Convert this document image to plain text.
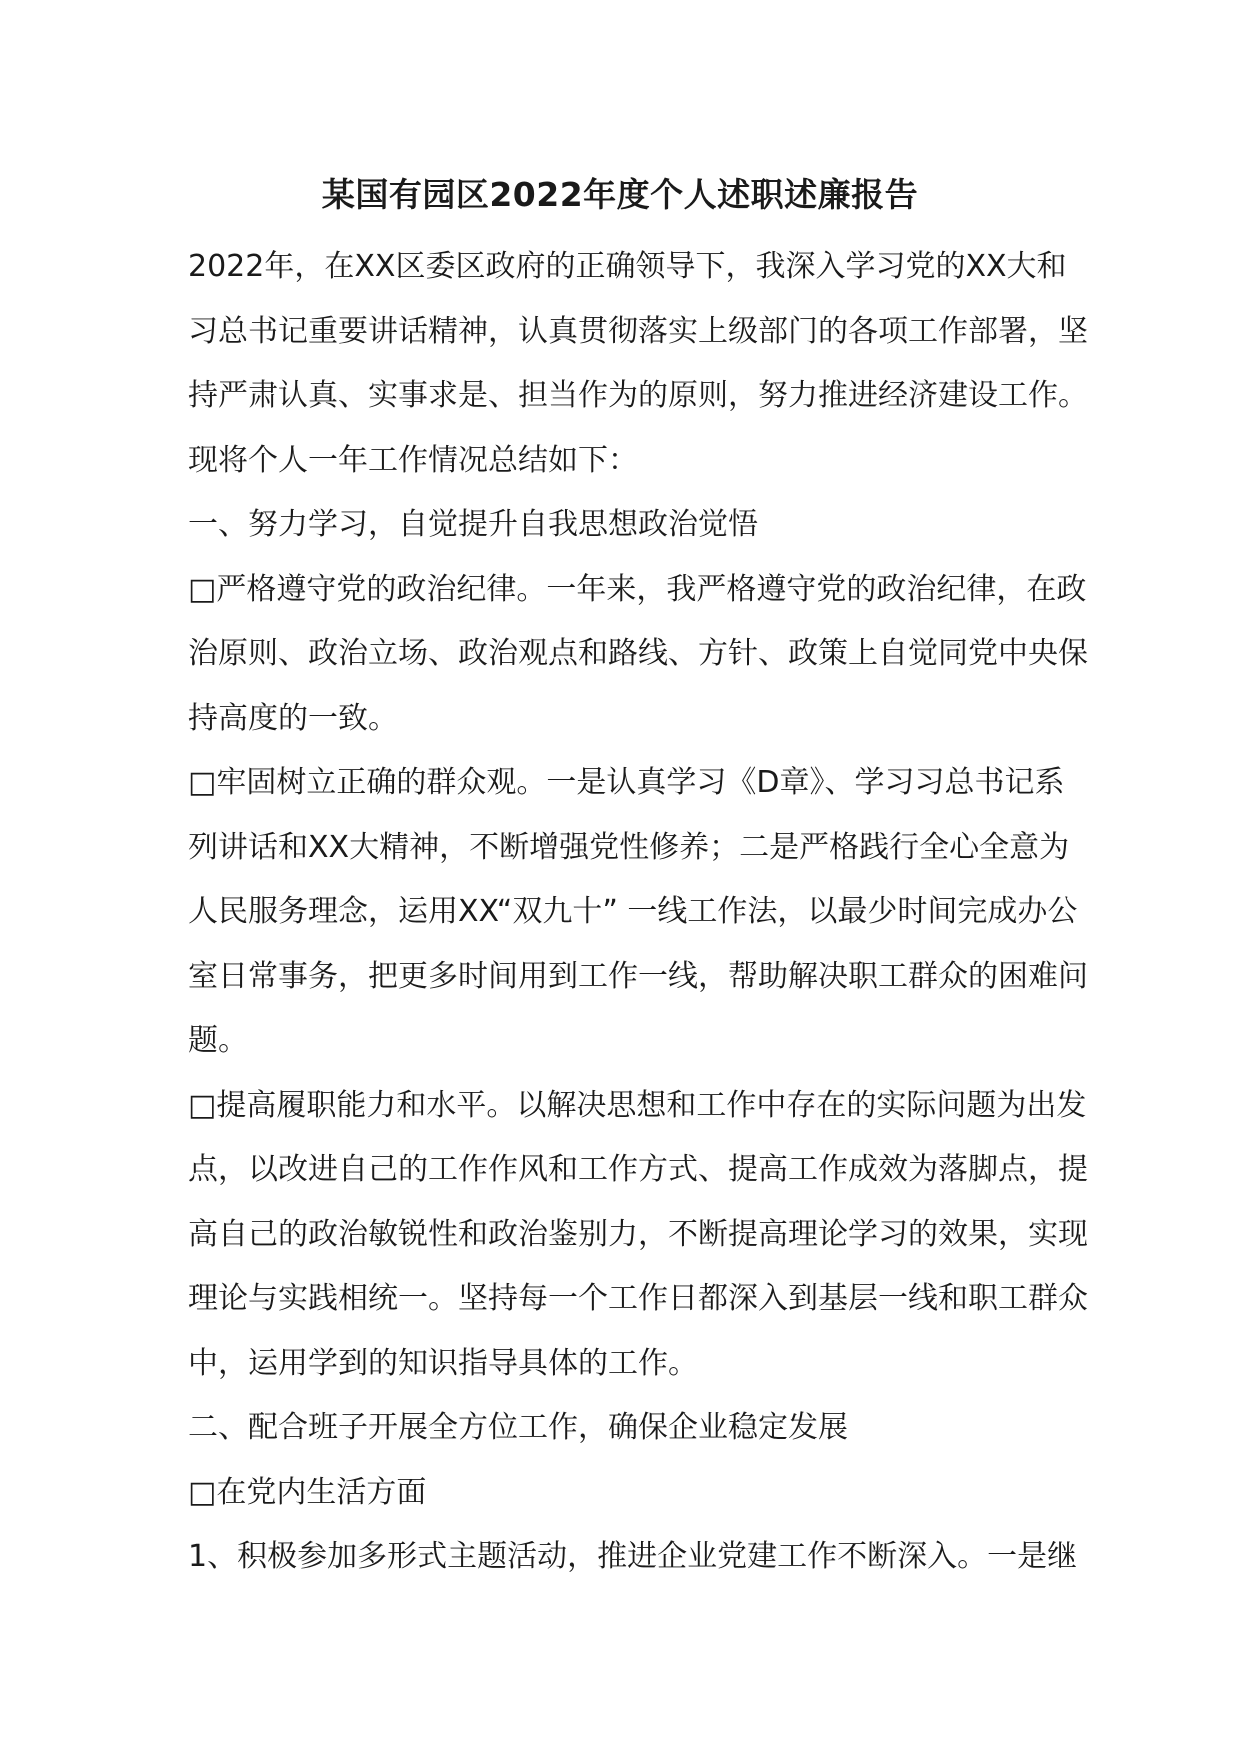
某国有园区2022年度个人述职述廉报告

2022年，在XX区委区政府的正确领导下，我深入学习党的XX大和习总书记重要讲话精神，认真贯彻落实上级部门的各项工作部署，坚持严肃认真、实事求是、担当作为的原则，努力推进经济建设工作。现将个人一年工作情况总结如下：

一、努力学习，自觉提升自我思想政治觉悟

□严格遵守党的政治纪律。一年来，我严格遵守党的政治纪律，在政治原则、政治立场、政治观点和路线、方针、政策上自觉同党中央保持高度的一致。

□牢固树立正确的群众观。一是认真学习《D章》、学习习总书记系列讲话和XX大精神，不断增强党性修养；二是严格践行全心全意为人民服务理念，运用XX“双九十” 一线工作法，以最少时间完成办公室日常事务，把更多时间用到工作一线，帮助解决职工群众的困难问题。

□提高履职能力和水平。以解决思想和工作中存在的实际问题为出发点，以改进自己的工作作风和工作方式、提高工作成效为落脚点，提高自己的政治敏锐性和政治鉴别力，不断提高理论学习的效果，实现理论与实践相统一。坚持每一个工作日都深入到基层一线和职工群众中，运用学到的知识指导具体的工作。

二、配合班子开展全方位工作，确保企业稳定发展

□在党内生活方面

1、积极参加多形式主题活动，推进企业党建工作不断深入。一是继
